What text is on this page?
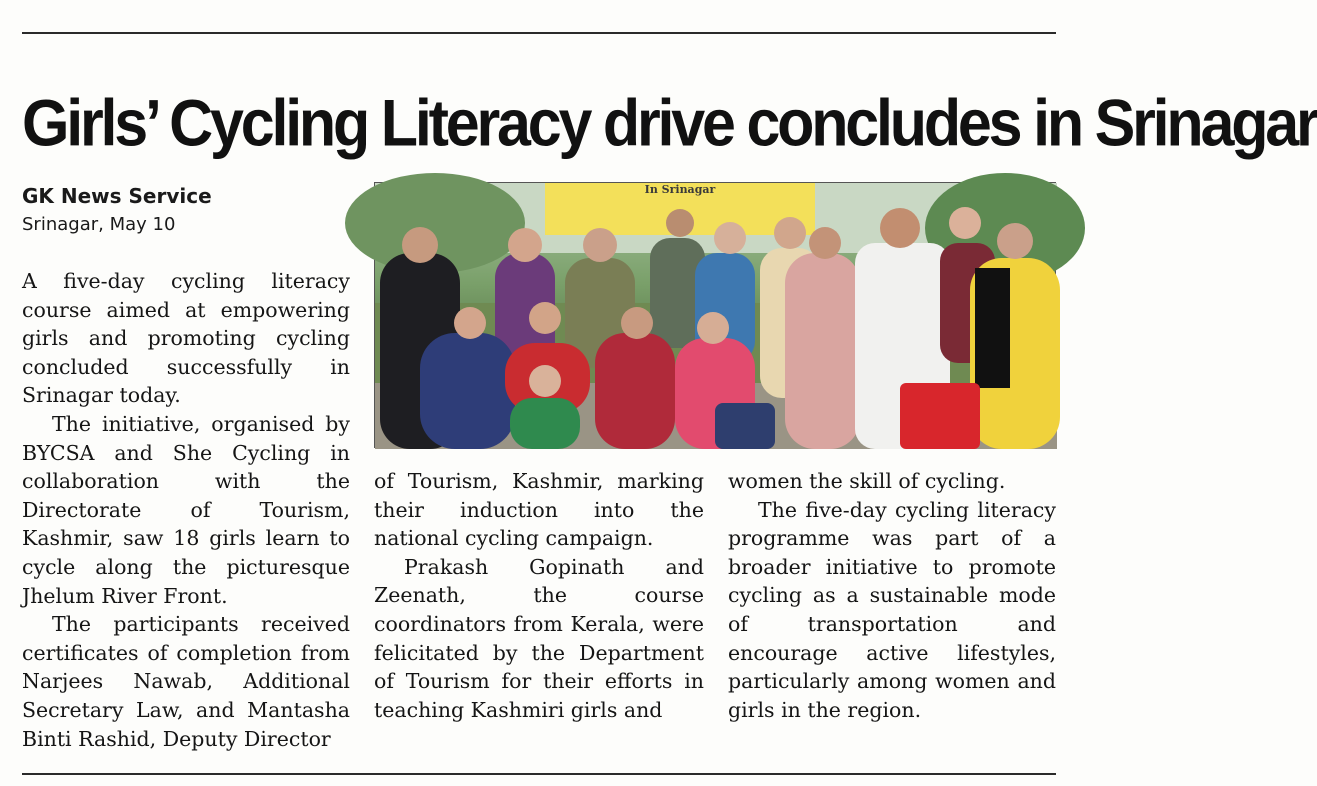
Girls’ Cycling Literacy drive concludes in Srinagar
GK News Service
Srinagar, May 10
In Srinagar

A five-day cycling literacy course aimed at empowering girls and promoting cycling concluded successfully in Srinagar today.

The initiative, organised by BYCSA and She Cycling in collaboration with the Directorate of Tourism, Kashmir, saw 18 girls learn to cycle along the picturesque Jhelum River Front.

The participants received certificates of completion from Narjees Nawab, Additional Secretary Law, and Mantasha Binti Rashid, Deputy Director

of Tourism, Kashmir, marking their induction into the national cycling campaign.

Prakash Gopinath and Zeenath, the course coordinators from Kerala, were felicitated by the Department of Tourism for their efforts in teaching Kashmiri girls and

women the skill of cycling.

The five-day cycling literacy programme was part of a broader initiative to promote cycling as a sustainable mode of transportation and encourage active lifestyles, particularly among women and girls in the region.
